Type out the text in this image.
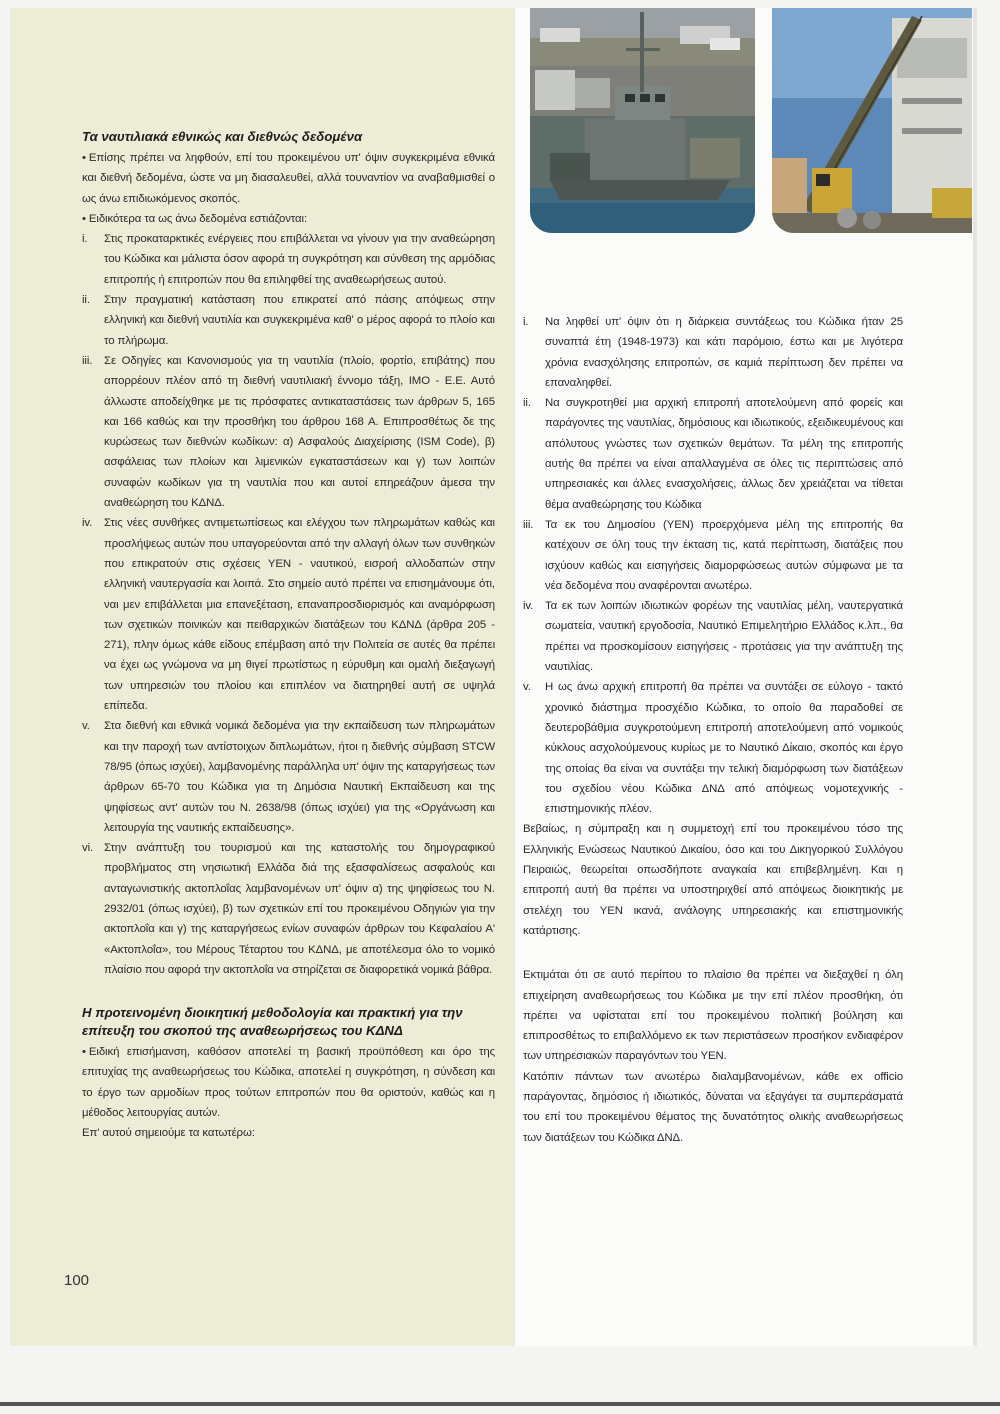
Τα ναυτιλιακά εθνικώς και διεθνώς δεδομένα

• Επίσης πρέπει να ληφθούν, επί του προκειμένου υπ' όψιν συγκεκριμένα εθνικά και διεθνή δεδομένα, ώστε να μη διασαλευθεί, αλλά τουναντίον να αναβαθμισθεί ο ως άνω επιδιωκόμενος σκοπός.

• Ειδικότερα τα ως άνω δεδομένα εστιάζονται:

i.	Στις προκαταρκτικές ενέργειες που επιβάλλεται να γίνουν για την αναθεώρηση του Κώδικα και μάλιστα όσον αφορά τη συγκρότηση και σύνθεση της αρμόδιας επιτροπής ή επιτροπών που θα επιληφθεί της αναθεωρήσεως αυτού.
ii.	Στην πραγματική κατάσταση που επικρατεί από πάσης απόψεως στην ελληνική και διεθνή ναυτιλία και συγκεκριμένα καθ' ο μέρος αφορά το πλοίο και το πλήρωμα.
iii.	Σε Οδηγίες και Κανονισμούς για τη ναυτιλία (πλοίο, φορτίο, επιβάτης) που απορρέουν πλέον από τη διεθνή ναυτιλιακή έννομο τάξη, IMO - Ε.Ε. Αυτό άλλωστε αποδείχθηκε με τις πρόσφατες αντικαταστάσεις των άρθρων 5, 165 και 166 καθώς και την προσθήκη του άρθρου 168 Α. Επιπροσθέτως δε της κυρώσεως των διεθνών κωδίκων: α) Ασφαλούς Διαχείρισης (ISM Code), β) ασφάλειας των πλοίων και λιμενικών εγκαταστάσεων και γ) των λοιπών συναφών κωδίκων για τη ναυτιλία που και αυτοί επηρεάζουν άμεσα την αναθεώρηση του ΚΔΝΔ.
iv.	Στις νέες συνθήκες αντιμετωπίσεως και ελέγχου των πληρωμάτων καθώς και προσλήψεως αυτών που υπαγορεύονται από την αλλαγή όλων των συνθηκών που επικρατούν στις σχέσεις ΥΕΝ - ναυτικού, εισροή αλλοδαπών στην ελληνική ναυτεργασία και λοιπά. Στο σημείο αυτό πρέπει να επισημάνουμε ότι, ναι μεν επιβάλλεται μια επανεξέταση, επαναπροσδιορισμός και αναμόρφωση των σχετικών ποινικών και πειθαρχικών διατάξεων του ΚΔΝΔ (άρθρα 205 - 271), πλην όμως κάθε είδους επέμβαση από την Πολιτεία σε αυτές θα πρέπει να έχει ως γνώμονα να μη θιγεί πρωτίστως η εύρυθμη και ομαλή διεξαγωγή των υπηρεσιών του πλοίου και επιπλέον να διατηρηθεί αυτή σε υψηλά επίπεδα.
v.	Στα διεθνή και εθνικά νομικά δεδομένα για την εκπαίδευση των πληρωμάτων και την παροχή των αντίστοιχων διπλωμάτων, ήτοι η διεθνής σύμβαση STCW 78/95 (όπως ισχύει), λαμβανομένης παράλληλα υπ' όψιν της καταργήσεως των άρθρων 65-70 του Κώδικα για τη Δημόσια Ναυτική Εκπαίδευση και της ψηφίσεως αντ' αυτών του Ν. 2638/98 (όπως ισχύει) για της «Οργάνωση και λειτουργία της ναυτικής εκπαίδευσης».
vi. Στην ανάπτυξη του τουρισμού και της καταστολής του δημογραφικού προβλήματος στη νησιωτική Ελλάδα διά της εξασφαλίσεως ασφαλούς και ανταγωνιστικής ακτοπλοΐας λαμβανομένων υπ' όψιν α) της ψηφίσεως του Ν. 2932/01 (όπως ισχύει), β) των σχετικών επί του προκειμένου Οδηγιών για την ακτοπλοΐα και γ) της καταργήσεως ενίων συναφών άρθρων του Κεφαλαίου Α' «Ακτοπλοΐα», του Μέρους Τέταρτου του ΚΔΝΔ, με αποτέλεσμα όλο το νομικό πλαίσιο που αφορά την ακτοπλοΐα να στηρίζεται σε διαφορετικά νομικά βάθρα.
Η προτεινομένη διοικητική μεθοδολογία και πρακτική για την επίτευξη του σκοπού της αναθεωρήσεως του ΚΔΝΔ

• Ειδική επισήμανση, καθόσον αποτελεί τη βασική προϋπόθεση και όρο της επιτυχίας της αναθεωρήσεως του Κώδικα, αποτελεί η συγκρότηση, η σύνδεση και το έργο των αρμοδίων προς τούτων επιτροπών που θα οριστούν, καθώς και η μέθοδος λειτουργίας αυτών.

Επ' αυτού σημειούμε τα κατωτέρω:

i.	Να ληφθεί υπ' όψιν ότι η διάρκεια συντάξεως του Κώδικα ήταν 25 συναπτά έτη (1948-1973) και κάτι παρόμοιο, έστω και με λιγότερα χρόνια ενασχόλησης επιτροπών, σε καμιά περίπτωση δεν πρέπει να επαναληφθεί.
ii.	Να συγκροτηθεί μια αρχική επιτροπή αποτελούμενη από φορείς και παράγοντες της ναυτιλίας, δημόσιους και ιδιωτικούς, εξειδικευμένους και απόλυτους γνώστες των σχετικών θεμάτων. Τα μέλη της επιτροπής αυτής θα πρέπει να είναι απαλλαγμένα σε όλες τις περιπτώσεις από υπηρεσιακές και άλλες ενασχολήσεις, άλλως δεν χρειάζεται να τίθεται θέμα αναθεώρησης του Κώδικα
iii.	Τα εκ του Δημοσίου (ΥΕΝ) προερχόμενα μέλη της επιτροπής θα κατέχουν σε όλη τους την έκταση τις, κατά περίπτωση, διατάξεις που ισχύουν καθώς και εισηγήσεις διαμορφώσεως αυτών σύμφωνα με τα νέα δεδομένα που αναφέρονται ανωτέρω.
iv.	Τα εκ των λοιπών ιδιωτικών φορέων της ναυτιλίας μέλη, ναυτεργατικά σωματεία, ναυτική εργοδοσία, Ναυτικό Επιμελητήριο Ελλάδος κ.λπ., θα πρέπει να προσκομίσουν εισηγήσεις - προτάσεις για την ανάπτυξη της ναυτιλίας.
v.	Η ως άνω αρχική επιτροπή θα πρέπει να συντάξει σε εύλογο - τακτό χρονικό διάστημα προσχέδιο Κώδικα, το οποίο θα παραδοθεί σε δευτεροβάθμια συγκροτούμενη επιτροπή αποτελούμενη από νομικούς κύκλους ασχολούμενους κυρίως με το Ναυτικό Δίκαιο, σκοπός και έργο της οποίας θα είναι να συντάξει την τελική διαμόρφωση των διατάξεων του σχεδίου νέου Κώδικα ΔΝΔ από απόψεως νομοτεχνικής - επιστημονικής πλέον.

Βεβαίως, η σύμπραξη και η συμμετοχή επί του προκειμένου τόσο της Ελληνικής Ενώσεως Ναυτικού Δικαίου, όσο και του Δικηγορικού Συλλόγου Πειραιώς, θεωρείται οπωσδήποτε αναγκαία και επιβεβλημένη. Και η επιτροπή αυτή θα πρέπει να υποστηριχθεί από απόψεως διοικητικής με στελέχη του ΥΕΝ ικανά, ανάλογης υπηρεσιακής και επιστημονικής κατάρτισης.

Εκτιμάται ότι σε αυτό περίπου το πλαίσιο θα πρέπει να διεξαχθεί η όλη επιχείρηση αναθεωρήσεως του Κώδικα με την επί πλέον προσθήκη, ότι πρέπει να υφίσταται επί του προκειμένου πολιτική βούληση και επιπροσθέτως το επιβαλλόμενο εκ των περιστάσεων προσήκον ενδιαφέρον των υπηρεσιακών παραγόντων του ΥΕΝ.

Κατόπιν πάντων των ανωτέρω διαλαμβανομένων, κάθε ex officio παράγοντας, δημόσιος ή ιδιωτικός, δύναται να εξαγάγει τα συμπεράσματά του επί του προκειμένου θέματος της δυνατότητος ολικής αναθεωρήσεως των διατάξεων του Κώδικα ΔΝΔ.

100
